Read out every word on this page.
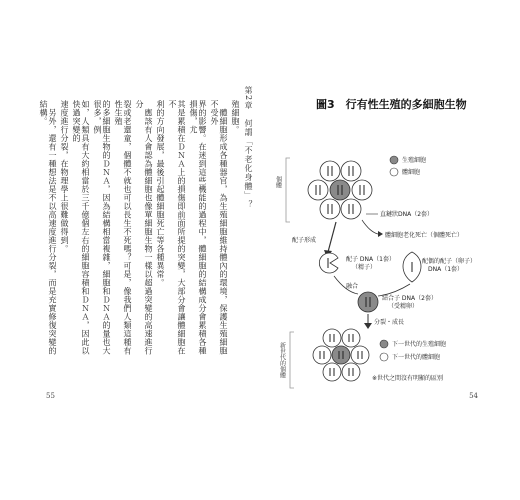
第2章　何謂「不老化身體」？
殖細胞。
　體細胞形成各種器官，為生殖細胞維持體內的環境，保護生殖細胞不受外
界的影響。在迷到這些機能的過程中，體細胞的結構成分會累積各種損傷，尤
其是累積在ＤＮＡ上的損傷即前面所提的突變，大部分會讓體細胞在不
利的方向發展，最後引起體細胞死亡等各種異常。
　應該有人會認為體細胞也像單細胞生物一樣以超過突變的高速進行分
裂或老還童，個體不就也可以長生不死嗎？可是，像我們人類這種有性生殖
的多細胞生物的ＤＮＡ，因為結構相當複雜，細胞和ＤＮＡ的量也大很多，例
如，人類具有大約相當於三千億個左右的細胞容積和ＤＮＡ，因此以快過突變的
速度進行分裂，在物理學上很難做得到。
　另外，還有一種想法是不以高速度進行分裂，而是充實修復突變的結構。
55
圖3　行有性生殖的多細胞生物
個體
生殖細胞
體細胞
直鏈狀DNA（2套）
體細胞老化死亡（個體死亡）
配子形成
配子 DNA（1套）
（精子）
配偶的配子（卵子）
DNA（1套）
融合
結合子 DNA（2套）
（受精卵）
分裂・成長
新世代的個體	下一世代的生殖細胞
下一世代的體細胞
※世代之間沒有明顯的區別
54
